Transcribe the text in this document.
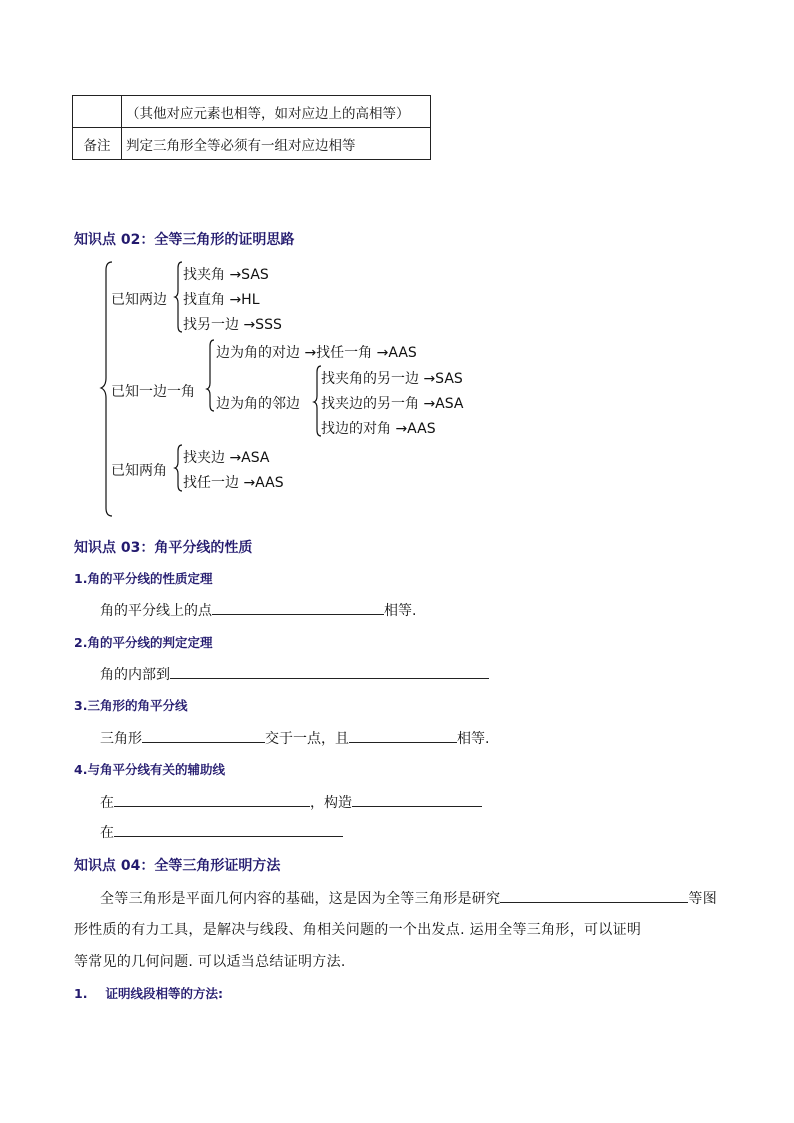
	（其他对应元素也相等，如对应边上的高相等）
备注	判定三角形全等必须有一组对应边相等
知识点 02：全等三角形的证明思路
已知两边
找夹角 →SAS
找直角 →HL
找另一边 →SSS
已知一边一角
边为角的对边 →找任一角 →AAS
边为角的邻边
找夹角的另一边 →SAS
找夹边的另一角 →ASA
找边的对角 →AAS
已知两角
找夹边 →ASA
找任一边 →AAS
知识点 03：角平分线的性质
1.角的平分线的性质定理
角的平分线上的点	相等.
2.角的平分线的判定定理
角的内部到
3.三角形的角平分线
三角形	交于一点，且	相等.
4.与角平分线有关的辅助线
在	，构造
在
知识点 04：全等三角形证明方法
全等三角形是平面几何内容的基础，这是因为全等三角形是研究	等图
形性质的有力工具，是解决与线段、角相关问题的一个出发点. 运用全等三角形，可以证明
等常见的几何问题. 可以适当总结证明方法.
1. 证明线段相等的方法:
